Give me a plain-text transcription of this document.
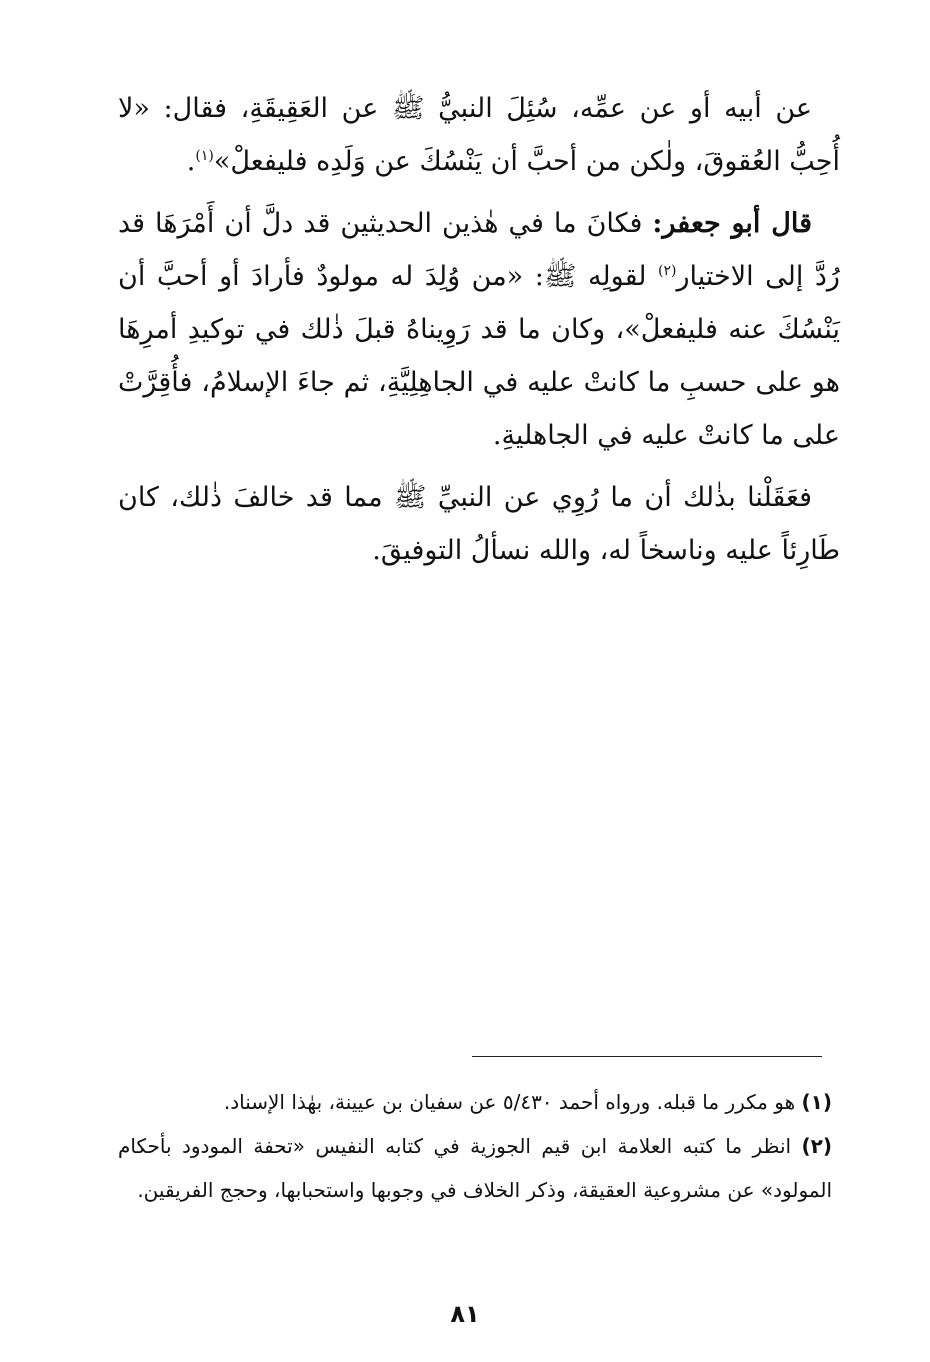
عن أبيه أو عن عمِّه، سُئِلَ النبيُّ ﷺ عن العَقِيقَةِ، فقال: «لا أُحِبُّ العُقوقَ، ولٰكن من أحبَّ أن يَنْسُكَ عن وَلَدِه فليفعلْ»$^{(١)}$.

قال أبو جعفر: فكانَ ما في هٰذين الحديثين قد دلَّ أن أَمْرَهَا قد رُدَّ إلى الاختيار$^{(٢)}$ لقولِه ﷺ: «من وُلِدَ له مولودٌ فأرادَ أو أحبَّ أن يَنْسُكَ عنه فليفعلْ»، وكان ما قد رَوِيناهُ قبلَ ذٰلك في توكيدِ أمرِهَا هو على حسبِ ما كانتْ عليه في الجاهِلِيَّةِ، ثم جاءَ الإسلامُ، فأُقِرَّتْ على ما كانتْ عليه في الجاهليةِ.

فعَقَلْنا بذٰلك أن ما رُوِي عن النبيِّ ﷺ مما قد خالفَ ذٰلك، كان طَارِئاً عليه وناسخاً له، والله نسألُ التوفيقَ.

(١) هو مكرر ما قبله. ورواه أحمد ٥/٤٣٠ عن سفيان بن عيينة، بهٰذا الإسناد.

(٢) انظر ما كتبه العلامة ابن قيم الجوزية في كتابه النفيس «تحفة المودود بأحكام المولود» عن مشروعية العقيقة، وذكر الخلاف في وجوبها واستحبابها، وحجج الفريقين.

٨١
